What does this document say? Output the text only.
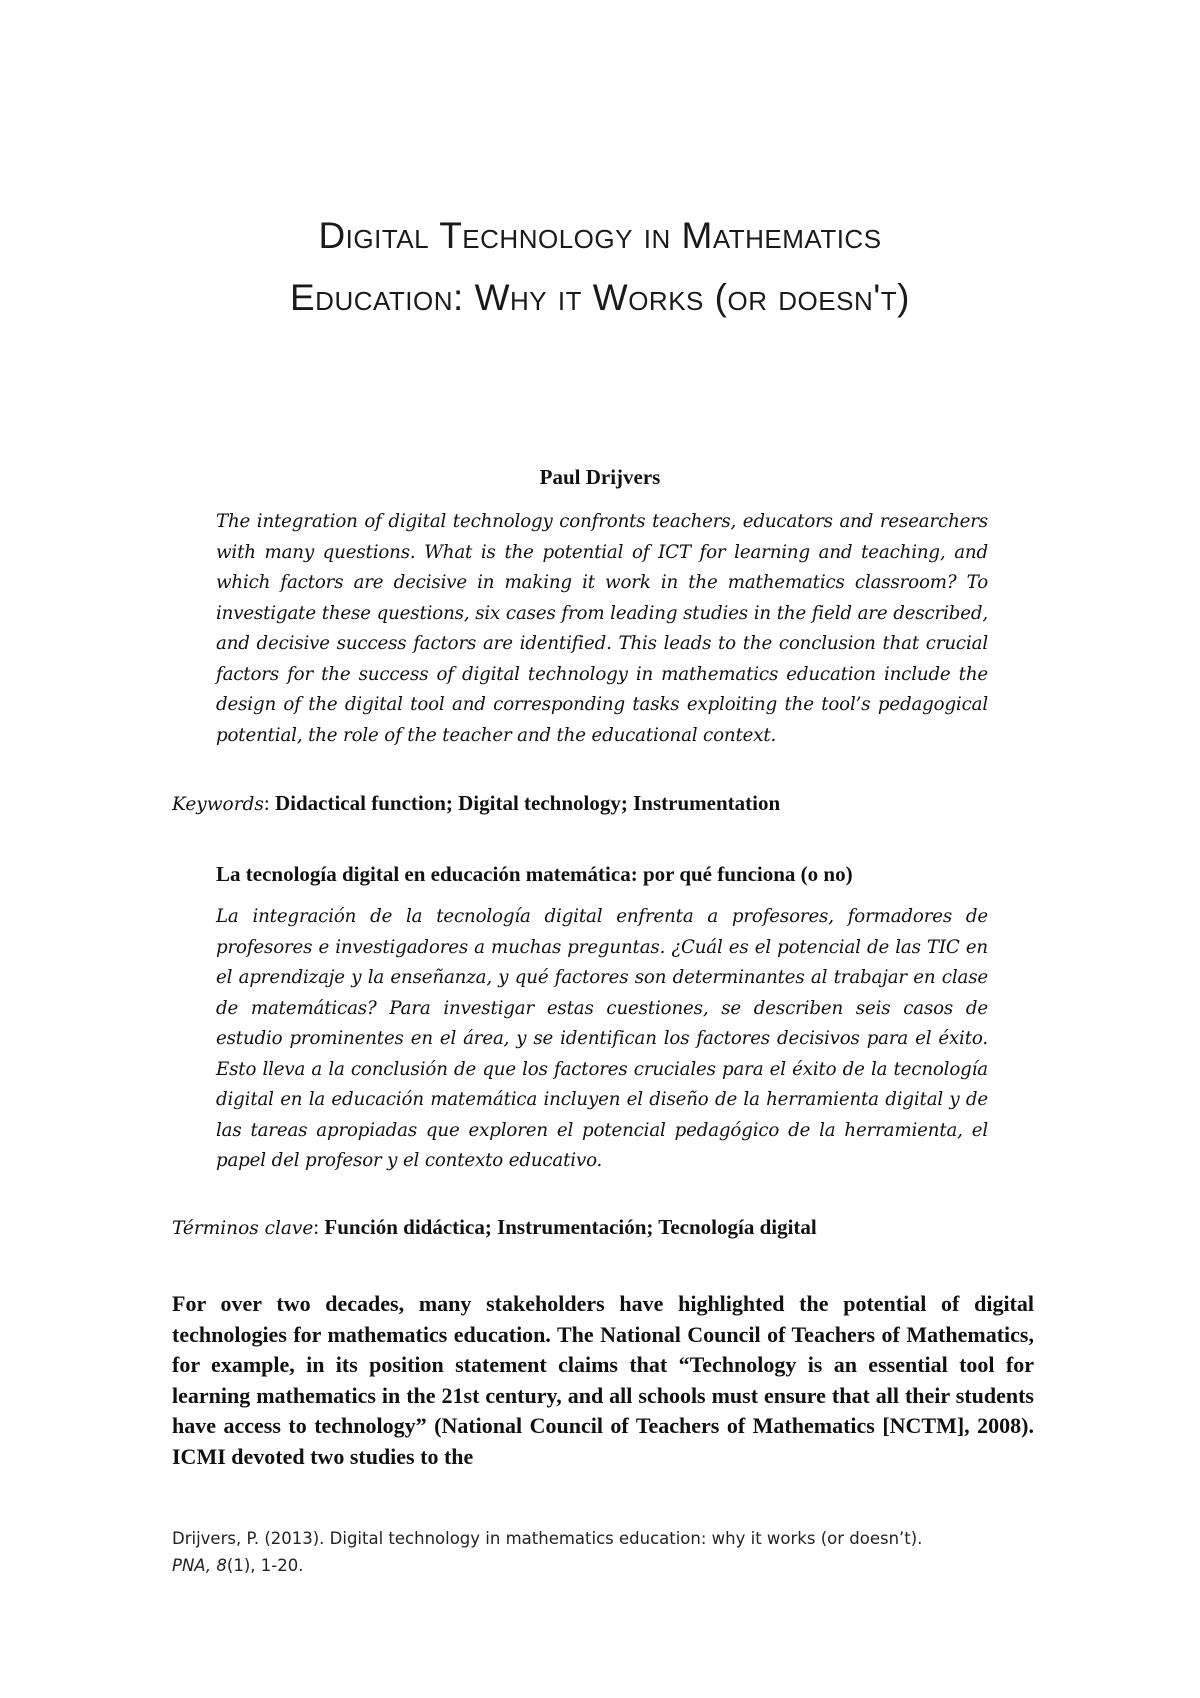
Digital Technology in Mathematics
Education: Why it Works (or doesn't)

Paul Drijvers

The integration of digital technology confronts teachers, educators and researchers with many questions. What is the potential of ICT for learning and teaching, and which factors are decisive in making it work in the mathematics classroom? To investigate these questions, six cases from leading studies in the field are described, and decisive success factors are identified. This leads to the conclusion that crucial factors for the success of digital technology in mathematics education include the design of the digital tool and corresponding tasks exploiting the tool’s pedagogical potential, the role of the teacher and the educational context.

Keywords: Didactical function; Digital technology; Instrumentation

La tecnología digital en educación matemática: por qué funciona (o no)

La integración de la tecnología digital enfrenta a profesores, formadores de profesores e investigadores a muchas preguntas. ¿Cuál es el potencial de las TIC en el aprendizaje y la enseñanza, y qué factores son determinantes al trabajar en clase de matemáticas? Para investigar estas cuestiones, se describen seis casos de estudio prominentes en el área, y se identifican los factores decisivos para el éxito. Esto lleva a la conclusión de que los factores cruciales para el éxito de la tecnología digital en la educación matemática incluyen el diseño de la herramienta digital y de las tareas apropiadas que exploren el potencial pedagógico de la herramienta, el papel del profesor y el contexto educativo.

Términos clave: Función didáctica; Instrumentación; Tecnología digital

For over two decades, many stakeholders have highlighted the potential of digital technologies for mathematics education. The National Council of Teachers of Mathematics, for example, in its position statement claims that “Technology is an essential tool for learning mathematics in the 21st century, and all schools must ensure that all their students have access to technology” (National Council of Teachers of Mathematics [NCTM], 2008). ICMI devoted two studies to the

Drijvers, P. (2013). Digital technology in mathematics education: why it works (or doesn’t).
PNA, 8(1), 1-20.
